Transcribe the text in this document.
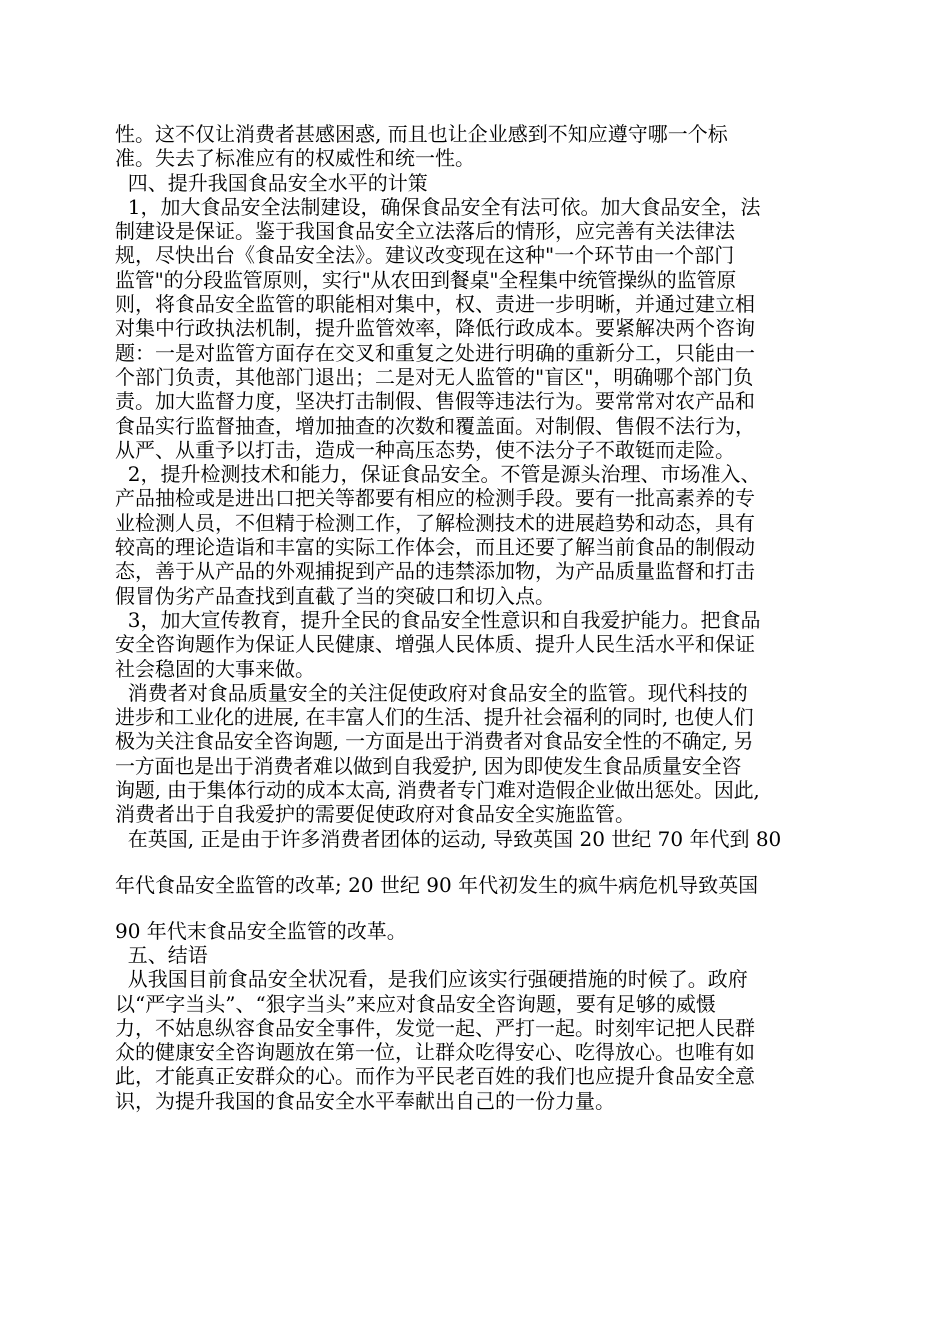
性。这不仅让消费者甚感困惑, 而且也让企业感到不知应遵守哪一个标
准。失去了标准应有的权威性和统一性。
四、提升我国食品安全水平的计策
1，加大食品安全法制建设，确保食品安全有法可依。加大食品安全，法
制建设是保证。鉴于我国食品安全立法落后的情形，应完善有关法律法
规，尽快出台《食品安全法》。建议改变现在这种"一个环节由一个部门
监管"的分段监管原则，实行"从农田到餐桌"全程集中统管操纵的监管原
则，将食品安全监管的职能相对集中，权、责进一步明晰，并通过建立相
对集中行政执法机制，提升监管效率，降低行政成本。要紧解决两个咨询
题：一是对监管方面存在交叉和重复之处进行明确的重新分工，只能由一
个部门负责，其他部门退出；二是对无人监管的"盲区"，明确哪个部门负
责。加大监督力度，坚决打击制假、售假等违法行为。要常常对农产品和
食品实行监督抽查，增加抽查的次数和覆盖面。对制假、售假不法行为，
从严、从重予以打击，造成一种高压态势，使不法分子不敢铤而走险。
2，提升检测技术和能力，保证食品安全。不管是源头治理、市场准入、
产品抽检或是进出口把关等都要有相应的检测手段。要有一批高素养的专
业检测人员，不但精于检测工作，了解检测技术的进展趋势和动态，具有
较高的理论造诣和丰富的实际工作体会，而且还要了解当前食品的制假动
态，善于从产品的外观捕捉到产品的违禁添加物，为产品质量监督和打击
假冒伪劣产品查找到直截了当的突破口和切入点。
3，加大宣传教育，提升全民的食品安全性意识和自我爱护能力。把食品
安全咨询题作为保证人民健康、增强人民体质、提升人民生活水平和保证
社会稳固的大事来做。
消费者对食品质量安全的关注促使政府对食品安全的监管。现代科技的
进步和工业化的进展, 在丰富人们的生活、提升社会福利的同时, 也使人们
极为关注食品安全咨询题, 一方面是出于消费者对食品安全性的不确定, 另
一方面也是出于消费者难以做到自我爱护, 因为即使发生食品质量安全咨
询题, 由于集体行动的成本太高, 消费者专门难对造假企业做出惩处。因此,
消费者出于自我爱护的需要促使政府对食品安全实施监管。
在英国, 正是由于许多消费者团体的运动, 导致英国 20 世纪 70 年代到 80
年代食品安全监管的改革; 20 世纪 90 年代初发生的疯牛病危机导致英国
90 年代末食品安全监管的改革。
五、结语
从我国目前食品安全状况看，是我们应该实行强硬措施的时候了。政府
以“严字当头”、“狠字当头”来应对食品安全咨询题，要有足够的威慑
力，不姑息纵容食品安全事件，发觉一起、严打一起。时刻牢记把人民群
众的健康安全咨询题放在第一位，让群众吃得安心、吃得放心。也唯有如
此，才能真正安群众的心。而作为平民老百姓的我们也应提升食品安全意
识，为提升我国的食品安全水平奉献出自己的一份力量。
